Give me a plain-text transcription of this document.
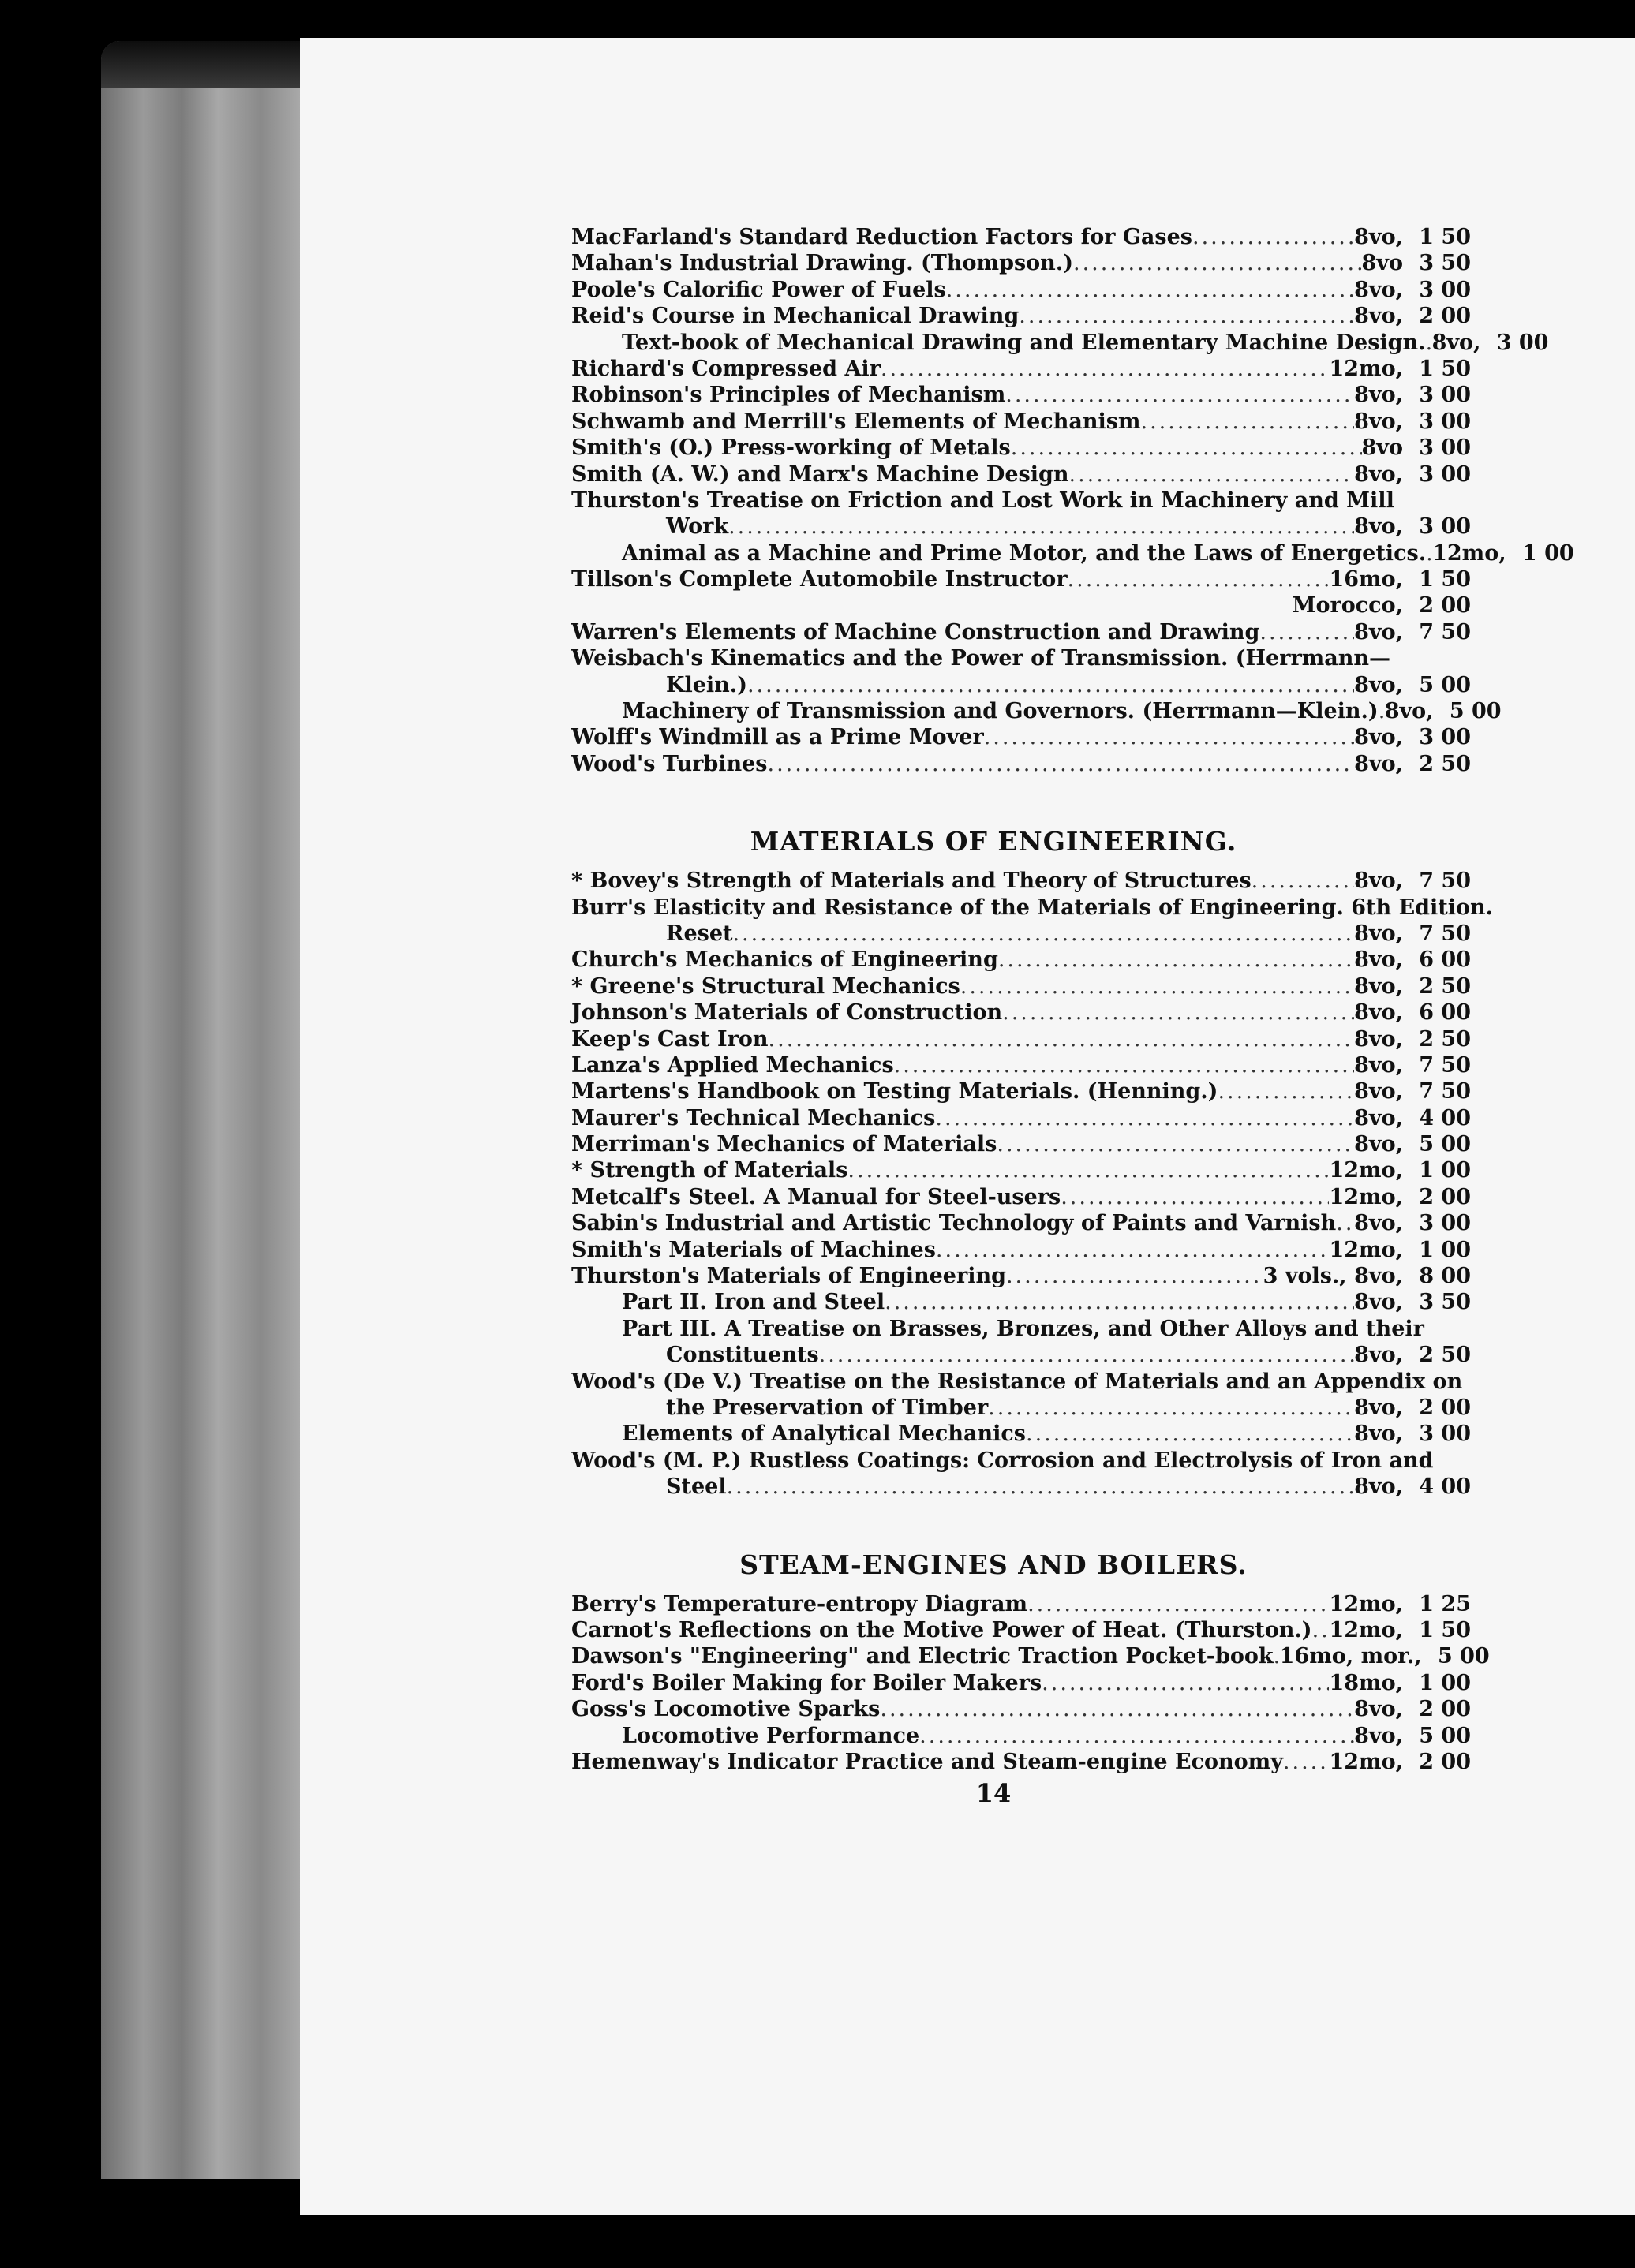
MacFarland's Standard Reduction Factors for Gases .....	8vo, 1 50
Mahan's Industrial Drawing. (Thompson.) .....	8vo 3 50
Poole's Calorific Power of Fuels .....	8vo, 3 00
Reid's Course in Mechanical Drawing .....	8vo, 2 00
Text-book of Mechanical Drawing and Elementary Machine Design. ..... 8vo, 3 00
Richard's Compressed Air .....	12mo, 1 50
Robinson's Principles of Mechanism .....	8vo, 3 00
Schwamb and Merrill's Elements of Mechanism .....	8vo, 3 00
Smith's (O.) Press-working of Metals .....	8vo 3 00
Smith (A. W.) and Marx's Machine Design .....	8vo, 3 00
Thurston's Treatise on Friction and Lost Work in Machinery and Mill
Work .....	8vo, 3 00
Animal as a Machine and Prime Motor, and the Laws of Energetics. ..... 12mo, 1 00
Tillson's Complete Automobile Instructor .....	16mo, 1 50
Morocco, 2 00
Warren's Elements of Machine Construction and Drawing .....	8vo, 7 50
Weisbach's Kinematics and the Power of Transmission. (Herrmann—
Klein.) .....	8vo, 5 00
Machinery of Transmission and Governors. (Herrmann—Klein.) ..... 8vo, 5 00
Wolff's Windmill as a Prime Mover .....	8vo, 3 00
Wood's Turbines .....	8vo, 2 50
MATERIALS OF ENGINEERING.
* Bovey's Strength of Materials and Theory of Structures .....	8vo, 7 50
Burr's Elasticity and Resistance of the Materials of Engineering. 6th Edition.
Reset .....	8vo, 7 50
Church's Mechanics of Engineering .....	8vo, 6 00
* Greene's Structural Mechanics .....	8vo, 2 50
Johnson's Materials of Construction .....	8vo, 6 00
Keep's Cast Iron .....	8vo, 2 50
Lanza's Applied Mechanics .....	8vo, 7 50
Martens's Handbook on Testing Materials. (Henning.) .....	8vo, 7 50
Maurer's Technical Mechanics .....	8vo, 4 00
Merriman's Mechanics of Materials .....	8vo, 5 00
* Strength of Materials .....	12mo, 1 00
Metcalf's Steel. A Manual for Steel-users .....	12mo, 2 00
Sabin's Industrial and Artistic Technology of Paints and Varnish ..... 8vo, 3 00
Smith's Materials of Machines .....	12mo, 1 00
Thurston's Materials of Engineering .....	3 vols., 8vo, 8 00
Part II. Iron and Steel .....	8vo, 3 50
Part III. A Treatise on Brasses, Bronzes, and Other Alloys and their
Constituents .....	8vo, 2 50
Wood's (De V.) Treatise on the Resistance of Materials and an Appendix on
the Preservation of Timber .....	8vo, 2 00
Elements of Analytical Mechanics .....	8vo, 3 00
Wood's (M. P.) Rustless Coatings: Corrosion and Electrolysis of Iron and
Steel .....	8vo, 4 00
STEAM-ENGINES AND BOILERS.
Berry's Temperature-entropy Diagram .....	12mo, 1 25
Carnot's Reflections on the Motive Power of Heat. (Thurston.) ..... 12mo, 1 50
Dawson's "Engineering" and Electric Traction Pocket-book ..... 16mo, mor., 5 00
Ford's Boiler Making for Boiler Makers .....	18mo, 1 00
Goss's Locomotive Sparks .....	8vo, 2 00
Locomotive Performance .....	8vo, 5 00
Hemenway's Indicator Practice and Steam-engine Economy ..... 12mo, 2 00
14
